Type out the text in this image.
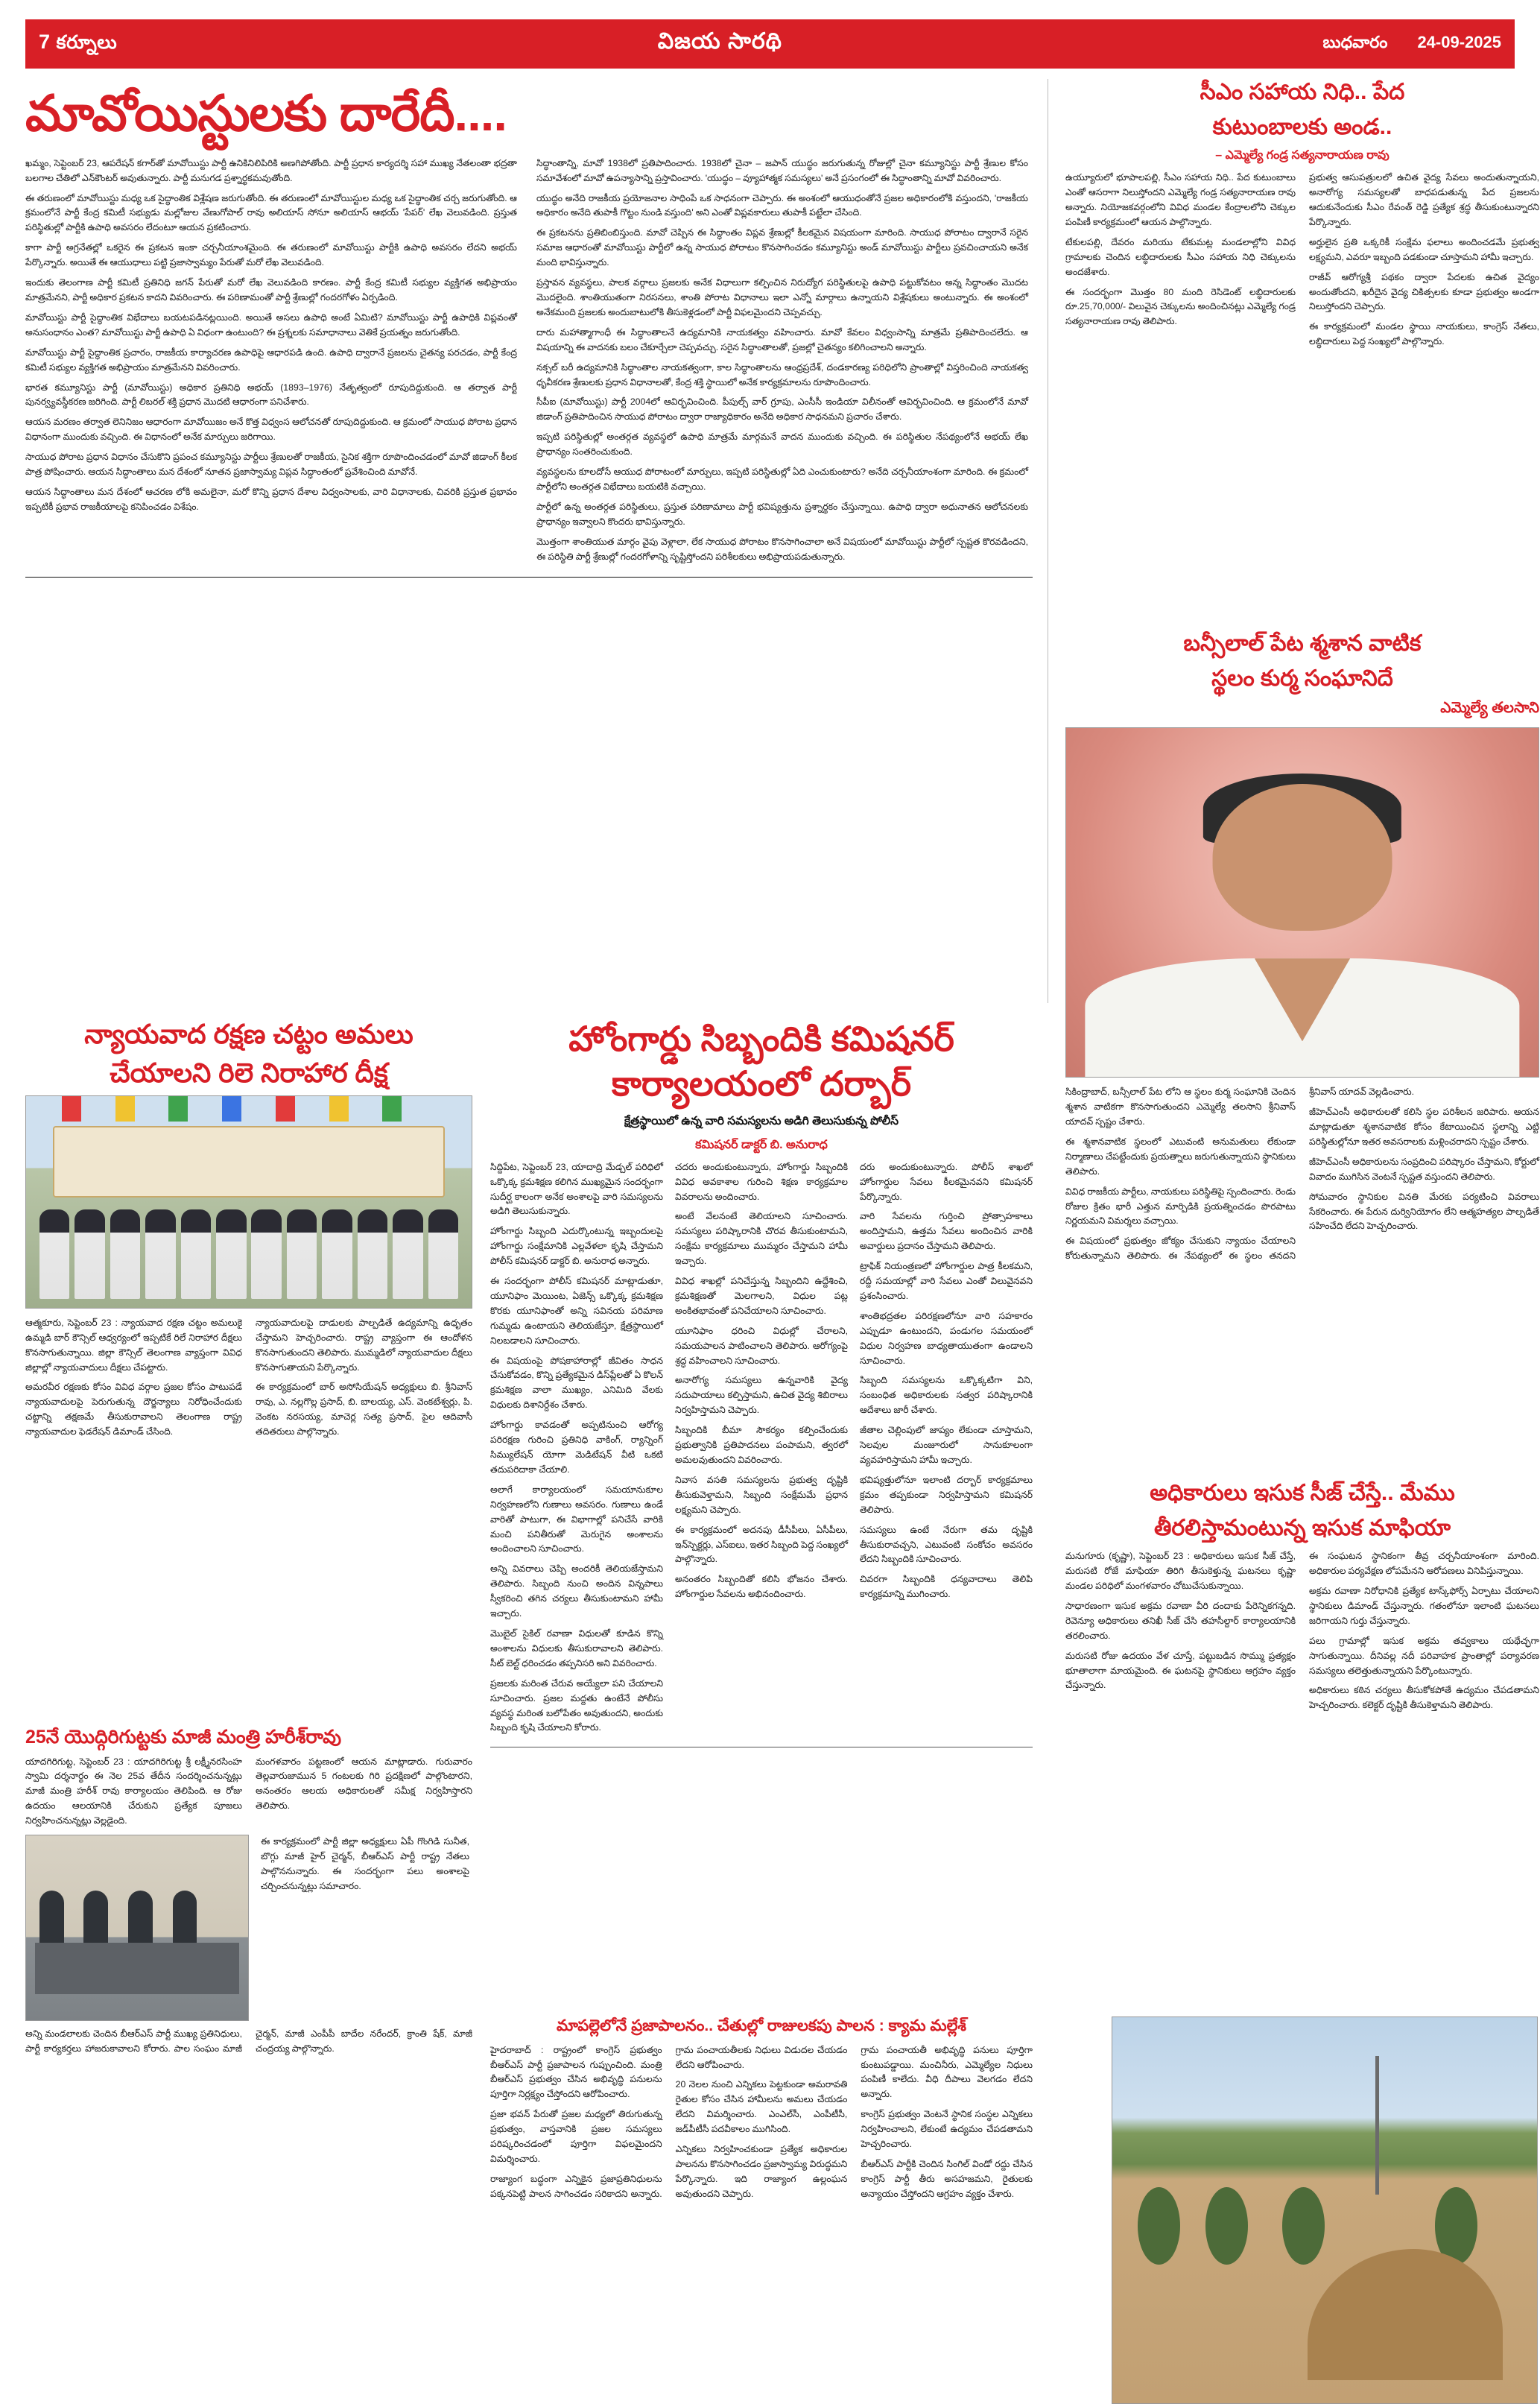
7 కర్నూలు	విజయ సారథి	బుధవారం 24-09-2025
మావోయిస్టులకు దారేదీ....

ఖమ్మం, సెప్టెంబర్ 23, ఆపరేషన్ కగార్‌తో మావోయిస్టు పార్టీ ఉనికినిలిపిరికి అణగిపోతోంది. పార్టీ ప్రధాన కార్యదర్శి సహా ముఖ్య నేతలంతా భద్రతా బలగాల చేతిలో ఎన్‌కౌంటర్ అవుతున్నారు. పార్టీ మనుగడ ప్రశ్నార్థకమవుతోంది.

ఈ తరుణంలో మావోయిస్టు మధ్య ఒక సైద్ధాంతిక విశ్లేషణ జరుగుతోంది. ఈ తరుణంలో మావోయిస్టుల మధ్య ఒక సైద్ధాంతిక చర్చ జరుగుతోంది. ఆ క్రమంలోనే పార్టీ కేంద్ర కమిటీ సభ్యుడు మల్లోజుల వేణుగోపాల్ రావు అలియాస్ సోనూ అలియాస్ ఆభయ్ 'పేపర్' లేఖ వెలువడింది. ప్రస్తుత పరిస్థితుల్లో పార్టీకి ఉపాధి అవసరం లేదంటూ ఆయన ప్రకటించారు.

కాగా పార్టీ అగ్రనేతల్లో ఒకరైన ఈ ప్రకటన ఇంకా చర్చనీయాంశమైంది. ఈ తరుణంలో మావోయిస్టు పార్టీకి ఉపాధి అవసరం లేదని అభయ్ పేర్కొన్నారు. అయితే ఈ ఆయుధాలు పట్టి ప్రజాస్వామ్యం పేరుతో మరో లేఖ వెలువడింది.

ఇందుకు తెలంగాణ పార్టీ కమిటీ ప్రతినిధి జగన్ పేరుతో మరో లేఖ వెలువడింది కారణం. పార్టీ కేంద్ర కమిటీ సభ్యుల వ్యక్తిగత అభిప్రాయం మాత్రమేనని, పార్టీ అధికార ప్రకటన కాదని వివరించారు. ఈ పరిణామంతో పార్టీ శ్రేణుల్లో గందరగోళం ఏర్పడింది.

మావోయిస్టు పార్టీ సైద్ధాంతిక విభేదాలు బయటపడినట్లయింది. అయితే అసలు ఉపాధి అంటే ఏమిటి? మావోయిస్టు పార్టీ ఉపాధికి విప్లవంతో అనుసంధానం ఎంత? మావోయిస్టు పార్టీ ఉపాధి ఏ విధంగా ఉంటుంది? ఈ ప్రశ్నలకు సమాధానాలు వెతికే ప్రయత్నం జరుగుతోంది.

మావోయిస్టు పార్టీ సైద్ధాంతిక ప్రచారం, రాజకీయ కార్యాచరణ ఉపాధిపై ఆధారపడి ఉంది. ఉపాధి ద్వారానే ప్రజలను చైతన్య పరచడం, పార్టీ కేంద్ర కమిటీ సభ్యుల వ్యక్తిగత అభిప్రాయం మాత్రమేనని వివరించారు.

భారత కమ్యూనిస్టు పార్టీ (మావోయిస్టు) అధికార ప్రతినిధి అభయ్ (1893–1976) నేతృత్వంలో రూపుదిద్దుకుంది. ఆ తర్వాత పార్టీ పునర్వ్యవస్థీకరణ జరిగింది. పార్టీ లిబరల్ శక్తి ప్రధాన మొదటి ఆధారంగా పనిచేశారు.

ఆయన మరణం తర్వాత లెనినిజం ఆధారంగా మావోయిజం అనే కొత్త విధ్వంస ఆలోచనతో రూపుదిద్దుకుంది. ఆ క్రమంలో సాయుధ పోరాట ప్రధాన విధానంగా ముందుకు వచ్చింది. ఈ విధానంలో అనేక మార్పులు జరిగాయి.

సాయుధ పోరాట ప్రధాన విధానం చేసుకొని ప్రపంచ కమ్యూనిస్టు పార్టీలు శ్రేణులతో రాజకీయ, సైనిక శక్తిగా రూపొందించడంలో మావో జిడాంగ్ కీలక పాత్ర పోషించారు. ఆయన సిద్ధాంతాలు మన దేశంలో నూతన ప్రజాస్వామ్య విప్లవ సిద్ధాంతంలో ప్రవేశించింది మావోనే.

ఆయన సిద్ధాంతాలు మన దేశంలో ఆచరణ లోకి అమలైనా, మరో కొన్ని ప్రధాన దేశాల విధ్వంసాలకు, వారి విధానాలకు, చివరికి ప్రస్తుత ప్రభావం ఇప్పటికీ ప్రభావ రాజకీయాలపై కనిపించడం విశేషం.

సిద్ధాంతాన్ని, మావో 1938లో ప్రతిపాదించారు. 1938లో చైనా – జపాన్ యుద్ధం జరుగుతున్న రోజుల్లో చైనా కమ్యూనిస్టు పార్టీ శ్రేణుల కోసం సమావేశంలో మావో ఉపన్యాసాన్ని ప్రస్తావించారు. 'యుద్ధం – వ్యూహాత్మక సమస్యలు' అనే ప్రసంగంలో ఈ సిద్ధాంతాన్ని మావో వివరించారు.

యుద్ధం అనేది రాజకీయ ప్రయోజనాల సాధింపే ఒక సాధనంగా చెప్పారు. ఈ అంశంలో ఆయుధంతోనే ప్రజల అధికారంలోకి వస్తుందని, 'రాజకీయ అధికారం అనేది తుపాకీ గొట్టం నుండి వస్తుంది' అని ఎంతో విప్లవకారులు తుపాకీ పట్టేలా చేసింది.

ఈ ప్రకటనను ప్రతిబింబిస్తుంది. మావో చెప్పిన ఈ సిద్ధాంతం విప్లవ శ్రేణుల్లో కీలకమైన విషయంగా మారింది. సాయుధ పోరాటం ద్వారానే సరైన సమాజ ఆధారంతో మావోయిస్టు పార్టీలో ఉన్న సాయుధ పోరాటం కొనసాగించడం కమ్యూనిస్టు అండ్ మావోయిస్టు పార్టీలు ప్రవచించాయని అనేక మంది భావిస్తున్నారు.

ప్రస్తావన వ్యవస్థలు, పాలక వర్గాలు ప్రజలకు అనేక విధాలుగా కల్పించిన నిరుద్యోగ పరిస్థితులపై ఉపాధి పట్టుకోవటం అన్న సిద్ధాంతం మొదట మొదలైంది. శాంతియుతంగా నిరసనలు, శాంతి పోరాట విధానాలు ఇలా ఎన్నో మార్గాలు ఉన్నాయని విశ్లేషకులు అంటున్నారు. ఈ అంశంలో అనేకమంది ప్రజలకు అందుబాటులోకి తీసుకెళ్లడంలో పార్టీ విఫలమైందని చెప్పవచ్చు.

దారు మహాత్మాగాంధీ ఈ సిద్ధాంతాలనే ఉద్యమానికి నాయకత్వం వహించారు. మావో కేవలం విధ్వంసాన్ని మాత్రమే ప్రతిపాదించలేదు. ఆ విషయాన్ని ఈ వాదనకు బలం చేకూర్చేలా చెప్పవచ్చు. సరైన సిద్ధాంతాలతో, ప్రజల్లో చైతన్యం కలిగించాలని అన్నారు.

నక్సల్ బరీ ఉద్యమానికి సిద్ధాంతాల నాయకత్వంగా, కాల సిద్ధాంతాలను ఆంధ్రప్రదేశ్, దండకారణ్య పరిధిలోని ప్రాంతాల్లో విస్తరించింది నాయకత్వ ధృవీకరణ శ్రేణులకు ప్రధాన విధానాలతో, కేంద్ర శక్తి స్థాయిలో అనేక కార్యక్రమాలను రూపొందించారు.

సీపీఐ (మావోయిస్టు) పార్టీ 2004లో ఆవిర్భవించింది. పీపుల్స్ వార్ గ్రూపు, ఎంసీసీ ఇండియా విలీనంతో ఆవిర్భవించింది. ఆ క్రమంలోనే మావో జిడాంగ్ ప్రతిపాదించిన సాయుధ పోరాటం ద్వారా రాజ్యాధికారం అనేది అధికార సాధనమని ప్రచారం చేశారు.

ఇప్పటి పరిస్థితుల్లో అంతర్గత వ్యవస్థలో ఉపాధి మాత్రమే మార్గమనే వాదన ముందుకు వచ్చింది. ఈ పరిస్థితుల నేపథ్యంలోనే అభయ్ లేఖ ప్రాధాన్యం సంతరించుకుంది.

వ్యవస్థలను కూలదోసే ఆయుధ పోరాటంలో మార్పులు, ఇప్పటి పరిస్థితుల్లో ఏది ఎంచుకుంటారు? అనేది చర్చనీయాంశంగా మారింది. ఈ క్రమంలో పార్టీలోని అంతర్గత విభేదాలు బయటికి వచ్చాయి.

పార్టీలో ఉన్న అంతర్గత పరిస్థితులు, ప్రస్తుత పరిణామాలు పార్టీ భవిష్యత్తును ప్రశ్నార్థకం చేస్తున్నాయి. ఉపాధి ద్వారా అధునాతన ఆలోచనలకు ప్రాధాన్యం ఇవ్వాలని కొందరు భావిస్తున్నారు.

మొత్తంగా శాంతియుత మార్గం వైపు వెళ్లాలా, లేక సాయుధ పోరాటం కొనసాగించాలా అనే విషయంలో మావోయిస్టు పార్టీలో స్పష్టత కొరవడిందని, ఈ పరిస్థితి పార్టీ శ్రేణుల్లో గందరగోళాన్ని సృష్టిస్తోందని పరిశీలకులు అభిప్రాయపడుతున్నారు.

సీఎం సహాయ నిధి.. పేద
కుటుంబాలకు అండ..
– ఎమ్మెల్యే గండ్ర సత్యనారాయణ రావు

ఉయ్యూరులో భూపాలపల్లి, సీఎం సహాయ నిధి.. పేద కుటుంబాలు ఎంతో ఆసరాగా నిలుస్తోందని ఎమ్మెల్యే గండ్ర సత్యనారాయణ రావు అన్నారు. నియోజకవర్గంలోని వివిధ మండల కేంద్రాలలోని చెక్కుల పంపిణీ కార్యక్రమంలో ఆయన పాల్గొన్నారు.

టేకులపల్లి, దేవరం మరియు టేకుమట్ల మండలాల్లోని వివిధ గ్రామాలకు చెందిన లబ్ధిదారులకు సీఎం సహాయ నిధి చెక్కులను అందజేశారు.

ఈ సందర్భంగా మొత్తం 80 మంది రెసిడెంట్ లబ్ధిదారులకు రూ.25,70,000/- విలువైన చెక్కులను అందించినట్లు ఎమ్మెల్యే గండ్ర సత్యనారాయణ రావు తెలిపారు.

ప్రభుత్వ ఆసుపత్రులలో ఉచిత వైద్య సేవలు అందుతున్నాయని, అనారోగ్య సమస్యలతో బాధపడుతున్న పేద ప్రజలను ఆదుకునేందుకు సీఎం రేవంత్ రెడ్డి ప్రత్యేక శ్రద్ధ తీసుకుంటున్నారని పేర్కొన్నారు.

అర్హులైన ప్రతి ఒక్కరికీ సంక్షేమ ఫలాలు అందించడమే ప్రభుత్వ లక్ష్యమని, ఎవరూ ఇబ్బంది పడకుండా చూస్తామని హామీ ఇచ్చారు.

రాజీవ్ ఆరోగ్యశ్రీ పథకం ద్వారా పేదలకు ఉచిత వైద్యం అందుతోందని, ఖరీదైన వైద్య చికిత్సలకు కూడా ప్రభుత్వం అండగా నిలుస్తోందని చెప్పారు.

ఈ కార్యక్రమంలో మండల స్థాయి నాయకులు, కాంగ్రెస్ నేతలు, లబ్ధిదారులు పెద్ద సంఖ్యలో పాల్గొన్నారు.

బన్సీలాల్ పేట శ్మశాన వాటిక
స్థలం కుర్మ సంఘానిదే
ఎమ్మెల్యే తలసాని

సికింద్రాబాద్, బన్సీలాల్ పేట లోని ఆ స్థలం కుర్మ సంఘానికి చెందిన శ్మశాన వాటికగా కొనసాగుతుందని ఎమ్మెల్యే తలసాని శ్రీనివాస్ యాదవ్ స్పష్టం చేశారు.

ఈ శ్మశానవాటిక స్థలంలో ఎటువంటి అనుమతులు లేకుండా నిర్మాణాలు చేపట్టేందుకు ప్రయత్నాలు జరుగుతున్నాయని స్థానికులు తెలిపారు.

వివిధ రాజకీయ పార్టీలు, నాయకులు పరిస్థితిపై స్పందించారు. రెండు రోజుల క్రితం భారీ ఎత్తున మార్పిడికి ప్రయత్నించడం పొరపాటు నిర్ణయమని విమర్శలు వచ్చాయి.

ఈ విషయంలో ప్రభుత్వం జోక్యం చేసుకుని న్యాయం చేయాలని కోరుతున్నామని తెలిపారు. ఈ నేపథ్యంలో ఈ స్థలం తనదని శ్రీనివాస్ యాదవ్ వెల్లడించారు.

జీహెచ్ఎంసీ అధికారులతో కలిసి స్థల పరిశీలన జరిపారు. ఆయన మాట్లాడుతూ శ్మశానవాటిక కోసం కేటాయించిన స్థలాన్ని ఎట్టి పరిస్థితుల్లోనూ ఇతర అవసరాలకు మళ్లించరాదని స్పష్టం చేశారు.

జీహెచ్ఎంసీ అధికారులను సంప్రదించి పరిష్కారం చేస్తామని, కోర్టులో వివాదం ముగిసిన వెంటనే స్పష్టత వస్తుందని తెలిపారు.

సోమవారం స్థానికుల వినతి మేరకు పర్యటించి వివరాలు సేకరించారు. ఈ పేరున దుర్వినియోగం లేని ఆత్మహత్యల పాల్పడితే సహించేది లేదని హెచ్చరించారు.

అధికారులు ఇసుక సీజ్ చేస్తే.. మేము
తీరలిస్తామంటున్న ఇసుక మాఫియా

మనుగూరు (కృష్ణా), సెప్టెంబర్ 23 : అధికారులు ఇసుక సీజ్ చేస్తే, మరుసటి రోజే మాఫియా తిరిగి తీసుకెళ్తున్న ఘటనలు కృష్ణా మండల పరిధిలో మంగళవారం చోటుచేసుకున్నాయి.

సాధారణంగా ఇసుక అక్రమ రవాణా వీరి దందాకు పేరెన్నికగన్నది. రెవెన్యూ అధికారులు తనిఖీ సీజ్ చేసి తహసీల్దార్ కార్యాలయానికి తరలించారు.

మరుసటి రోజు ఉదయం వేళ చూస్తే, పట్టుబడిన సొమ్ము ప్రత్యక్షం భూతాలాగా మాయమైంది. ఈ ఘటనపై స్థానికులు ఆగ్రహం వ్యక్తం చేస్తున్నారు.

ఈ సంఘటన స్థానికంగా తీవ్ర చర్చనీయాంశంగా మారింది. అధికారుల పర్యవేక్షణ లోపమేనని ఆరోపణలు వినిపిస్తున్నాయి.

అక్రమ రవాణా నిరోధానికి ప్రత్యేక టాస్క్‌ఫోర్స్ ఏర్పాటు చేయాలని స్థానికులు డిమాండ్ చేస్తున్నారు. గతంలోనూ ఇలాంటి ఘటనలు జరిగాయని గుర్తు చేస్తున్నారు.

పలు గ్రామాల్లో ఇసుక అక్రమ తవ్వకాలు యథేచ్ఛగా సాగుతున్నాయి. దీనివల్ల నదీ పరివాహక ప్రాంతాల్లో పర్యావరణ సమస్యలు తలెత్తుతున్నాయని పేర్కొంటున్నారు.

అధికారులు కఠిన చర్యలు తీసుకోకపోతే ఉద్యమం చేపడతామని హెచ్చరించారు. కలెక్టర్ దృష్టికి తీసుకెళ్తామని తెలిపారు.

న్యాయవాద రక్షణ చట్టం అమలు
చేయాలని రిలె నిరాహార దీక్ష

ఆత్మకూరు, సెప్టెంబర్ 23 : న్యాయవాద రక్షణ చట్టం అమలుకై ఉమ్మడి బార్ కౌన్సిల్ ఆధ్వర్యంలో ఇప్పటికే రిలే నిరాహార దీక్షలు కొనసాగుతున్నాయి. జిల్లా కౌన్సిల్ తెలంగాణ వ్యాప్తంగా వివిధ జిల్లాల్లో న్యాయవాదులు దీక్షలు చేపట్టారు.

అమరవీర రక్షణకు కోసం వివిధ వర్గాల ప్రజల కోసం పాటుపడే న్యాయవాదులపై పెరుగుతున్న దౌర్జన్యాలు నిరోధించేందుకు చట్టాన్ని తక్షణమే తీసుకురావాలని తెలంగాణ రాష్ట్ర న్యాయవాదుల ఫెడరేషన్ డిమాండ్ చేసింది.

న్యాయవాదులపై దాడులకు పాల్పడితే ఉద్యమాన్ని ఉధృతం చేస్తామని హెచ్చరించారు. రాష్ట్ర వ్యాప్తంగా ఈ ఆందోళన కొనసాగుతుందని తెలిపారు. ముమ్మడిలో న్యాయవాదుల దీక్షలు కొనసాగుతాయని పేర్కొన్నారు.

ఈ కార్యక్రమంలో బార్ అసోసియేషన్ అధ్యక్షులు బి. శ్రీనివాస్ రావు, ఎ. నల్లగొల్ల ప్రసాద్, బి. బాలయ్య, ఎస్. వెంకటేశ్వర్లు, పి. వెంకట నరసయ్య, మాచెర్ల సత్య ప్రసాద్, పైల ఆదివాసీ తదితరులు పాల్గొన్నారు.

25నే యొద్గిరిగుట్టకు మాజీ మంత్రి హరీశ్‌రావు

యాదగిరిగుట్ట, సెప్టెంబర్ 23 : యాదగిరిగుట్ట శ్రీ లక్ష్మీనరసింహ స్వామి దర్శనార్థం ఈ నెల 25వ తేదీన సందర్శించనున్నట్లు మాజీ మంత్రి హరీశ్ రావు కార్యాలయం తెలిపింది. ఆ రోజు ఉదయం ఆలయానికి చేరుకుని ప్రత్యేక పూజలు నిర్వహించనున్నట్లు వెల్లడైంది.

మంగళవారం పట్టణంలో ఆయన మాట్లాడారు. గురువారం తెల్లవారుజామున 5 గంటలకు గిరి ప్రదక్షిణలో పాల్గొంటారని, అనంతరం ఆలయ అధికారులతో సమీక్ష నిర్వహిస్తారని తెలిపారు.

ఈ కార్యక్రమంలో పార్టీ జిల్లా అధ్యక్షులు ఏపీ గొంగిడి సునీత, బొగ్గు మాజీ హైర్ చైర్మన్, బీఆర్ఎస్ పార్టీ రాష్ట్ర నేతలు పాల్గొననున్నారు. ఈ సందర్భంగా పలు అంశాలపై చర్చించనున్నట్లు సమాచారం.

అన్ని మండలాలకు చెందిన బీఆర్ఎస్ పార్టీ ముఖ్య ప్రతినిధులు, పార్టీ కార్యకర్తలు హాజరుకావాలని కోరారు. పాల సంఘం మాజీ చైర్మన్, మాజీ ఎంపీపీ బాదేల నరేందర్, క్రాంతి షేక్, మాజీ చంద్రయ్య పాల్గొన్నారు.

హోంగార్డు సిబ్బందికి కమిషనర్
కార్యాలయంలో దర్బార్
క్షేత్రస్థాయిలో ఉన్న వారి సమస్యలను అడిగి తెలుసుకున్న పోలీస్
కమిషనర్ డాక్టర్ బి. అనురాధ

సిద్దిపేట, సెప్టెంబర్ 23, యాదాద్రి మేడ్చల్ పరిధిలో ఒక్కొక్క క్రమశిక్షణ కలిగిన ముఖ్యమైన సందర్భంగా సుదీర్ఘ కాలంగా అనేక అంశాలపై వారి సమస్యలను అడిగి తెలుసుకున్నారు.

హోంగార్డు సిబ్బంది ఎదుర్కొంటున్న ఇబ్బందులపై హోంగార్డు సంక్షేమానికి ఎల్లవేళలా కృషి చేస్తామని పోలీస్ కమిషనర్ డాక్టర్ బి. అనురాధ అన్నారు.

ఈ సందర్భంగా పోలీస్ కమిషనర్ మాట్లాడుతూ, యూనిఫాం మెయింట, ఏజెన్స్ ఒక్కొక్క క్రమశిక్షణ కొరకు యూనిఫాంతో అన్ని సవినయ పరిమాణ గుమ్మడు ఉంటాయని తెలియజేస్తూ, క్షేత్రస్థాయిలో నిలబడాలని సూచించారు.

ఈ విషయంపై పోషకాహారాల్లో జీవితం సాధన చేసుకోవడం, కొన్ని ప్రత్యేకమైన డిస్‌ప్లేలతో ఏ కొలన్ క్రమశిక్షణ వాలా ముఖ్యం, ఎనిమిది వేలకు విధులకు దిశానిర్దేశం చేశారు.

హోంగార్డు కావడంతో అప్పటినుంచి ఆరోగ్య పరిరక్షణ గురించి ప్రతినిధి వాకింగ్, ర్యాన్నింగ్ సిమ్యులేషన్ యోగా మెడిటేషన్ వీటి ఒకటి తదుపరిదాకా చేయాలి.

అలాగే కార్యాలయంలో సమయానుకూల నిర్వహణలోని గుణాలు అవసరం. గుణాలు ఉండే వారితో పాటుగా, ఈ విభాగాల్లో పనిచేసే వారికి మంచి పనితీరుతో మెరుగైన అంశాలను అందించాలని సూచించారు.

అన్ని వివరాలు చెప్పి అందరికీ తెలియజేస్తామని తెలిపారు. సిబ్బంది నుంచి అందిన విన్నపాలు స్వీకరించి తగిన చర్యలు తీసుకుంటామని హామీ ఇచ్చారు.

మొబైల్ సైకిల్ రవాణా విధులతో కూడిన కొన్ని అంశాలను విధులకు తీసుకురావాలని తెలిపారు. సీట్ బెల్ట్ ధరించడం తప్పనిసరి అని వివరించారు.

ప్రజలకు మరింత చేరువ అయ్యేలా పని చేయాలని సూచించారు. ప్రజల మద్దతు ఉంటేనే పోలీసు వ్యవస్థ మరింత బలోపేతం అవుతుందని, అందుకు సిబ్బంది కృషి చేయాలని కోరారు.

చదరు అందుకుంటున్నారు, హోంగార్డు సిబ్బందికి వివిధ అవకాశాల గురించి శిక్షణ కార్యక్రమాల వివరాలను అందించారు.

అంటే వేలనంటే తెలియాలని సూచించారు. సమస్యలు పరిష్కారానికి చొరవ తీసుకుంటామని, సంక్షేమ కార్యక్రమాలు ముమ్మరం చేస్తామని హామీ ఇచ్చారు.

వివిధ శాఖల్లో పనిచేస్తున్న సిబ్బందిని ఉద్దేశించి, క్రమశిక్షణతో మెలగాలని, విధుల పట్ల అంకితభావంతో పనిచేయాలని సూచించారు.

యూనిఫాం ధరించి విధుల్లో చేరాలని, సమయపాలన పాటించాలని తెలిపారు. ఆరోగ్యంపై శ్రద్ధ వహించాలని సూచించారు.

అనారోగ్య సమస్యలు ఉన్నవారికి వైద్య సదుపాయాలు కల్పిస్తామని, ఉచిత వైద్య శిబిరాలు నిర్వహిస్తామని చెప్పారు.

సిబ్బందికి బీమా సౌకర్యం కల్పించేందుకు ప్రభుత్వానికి ప్రతిపాదనలు పంపామని, త్వరలో అమలవుతుందని వివరించారు.

నివాస వసతి సమస్యలను ప్రభుత్వ దృష్టికి తీసుకువెళ్తామని, సిబ్బంది సంక్షేమమే ప్రధాన లక్ష్యమని చెప్పారు.

ఈ కార్యక్రమంలో అదనపు డీసీపీలు, ఏసీపీలు, ఇన్‌స్పెక్టర్లు, ఎస్‌ఐలు, ఇతర సిబ్బంది పెద్ద సంఖ్యలో పాల్గొన్నారు.

అనంతరం సిబ్బందితో కలిసి భోజనం చేశారు. హోంగార్డుల సేవలను అభినందించారు.

దరు అందుకుంటున్నారు. పోలీస్ శాఖలో హోంగార్డుల సేవలు కీలకమైనవని కమిషనర్ పేర్కొన్నారు.

వారి సేవలను గుర్తించి ప్రోత్సాహకాలు అందిస్తామని, ఉత్తమ సేవలు అందించిన వారికి అవార్డులు ప్రదానం చేస్తామని తెలిపారు.

ట్రాఫిక్ నియంత్రణలో హోంగార్డుల పాత్ర కీలకమని, రద్దీ సమయాల్లో వారి సేవలు ఎంతో విలువైనవని ప్రశంసించారు.

శాంతిభద్రతల పరిరక్షణలోనూ వారి సహకారం ఎప్పుడూ ఉంటుందని, పండుగల సమయంలో విధుల నిర్వహణ బాధ్యతాయుతంగా ఉండాలని సూచించారు.

సిబ్బంది సమస్యలను ఒక్కొక్కటిగా విని, సంబంధిత అధికారులకు సత్వర పరిష్కారానికి ఆదేశాలు జారీ చేశారు.

జీతాల చెల్లింపులో జాప్యం లేకుండా చూస్తామని, సెలవుల మంజూరులో సానుకూలంగా వ్యవహరిస్తామని హామీ ఇచ్చారు.

భవిష్యత్తులోనూ ఇలాంటి దర్బార్ కార్యక్రమాలు క్రమం తప్పకుండా నిర్వహిస్తామని కమిషనర్ తెలిపారు.

సమస్యలు ఉంటే నేరుగా తమ దృష్టికి తీసుకురావచ్చని, ఎటువంటి సంకోచం అవసరం లేదని సిబ్బందికి సూచించారు.

చివరగా సిబ్బందికి ధన్యవాదాలు తెలిపి కార్యక్రమాన్ని ముగించారు.

మాపల్లెలోనే ప్రజాపాలనం.. చేతుల్లో రాజులకపు పాలన : క్యామ మల్లేశ్

హైదరాబాద్ : రాష్ట్రంలో కాంగ్రెస్ ప్రభుత్వం బీఆర్ఎస్ పార్టీ ప్రజాపాలన గుప్పుంచింది. మంత్రి బీఆర్ఎస్ ప్రభుత్వం చేసిన అభివృద్ధి పనులను పూర్తిగా నిర్లక్ష్యం చేస్తోందని ఆరోపించారు.

ప్రజా భవన్ పేరుతో ప్రజల మధ్యలో తిరుగుతున్న ప్రభుత్వం, వాస్తవానికి ప్రజల సమస్యలు పరిష్కరించడంలో పూర్తిగా విఫలమైందని విమర్శించారు.

రాజ్యాంగ బద్ధంగా ఎన్నికైన ప్రజాప్రతినిధులను పక్కనపెట్టి పాలన సాగించడం సరికాదని అన్నారు. గ్రామ పంచాయతీలకు నిధులు విడుదల చేయడం లేదని ఆరోపించారు.

20 నెలల నుంచి ఎన్నికలు పెట్టకుండా అమరావతి రైతుల కోసం చేసిన హామీలను అమలు చేయడం లేదని విమర్శించారు. ఎంఎల్‌సీ, ఎంపీటీసీ, జడ్‌పీటీసీ పదవీకాలం ముగిసింది.

ఎన్నికలు నిర్వహించకుండా ప్రత్యేక అధికారుల పాలనను కొనసాగించడం ప్రజాస్వామ్య విరుద్ధమని పేర్కొన్నారు. ఇది రాజ్యాంగ ఉల్లంఘన అవుతుందని చెప్పారు.

గ్రామ పంచాయతీ అభివృద్ధి పనులు పూర్తిగా కుంటుపడ్డాయి. మంచినీరు, ఎమ్మెల్యేల నిధులు పంపిణీ కాలేదు. వీధి దీపాలు వెలగడం లేదని అన్నారు.

కాంగ్రెస్ ప్రభుత్వం వెంటనే స్థానిక సంస్థల ఎన్నికలు నిర్వహించాలని, లేకుంటే ఉద్యమం చేపడతామని హెచ్చరించారు.

బీఆర్ఎస్ పార్టీకి చెందిన సింగిల్ విండో రద్దు చేసిన కాంగ్రెస్ పార్టీ తీరు అసహజమని, రైతులకు అన్యాయం చేస్తోందని ఆగ్రహం వ్యక్తం చేశారు.
